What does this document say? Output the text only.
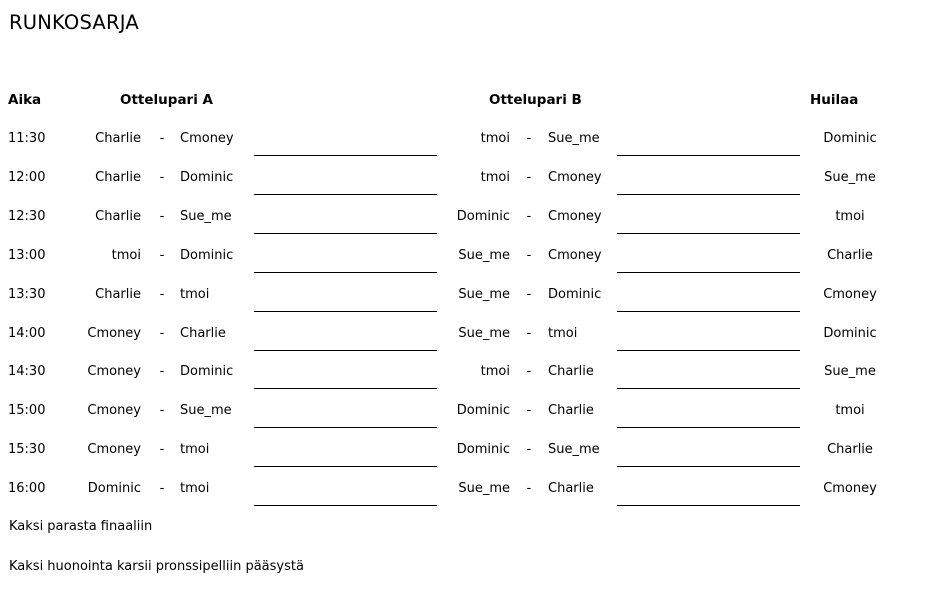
RUNKOSARJA
Aika	Ottelupari A	Ottelupari B	Huilaa
11:30	Charlie - Cmoney	tmoi - Sue_me	Dominic
12:00	Charlie - Dominic	tmoi - Cmoney	Sue_me
12:30	Charlie - Sue_me	Dominic - Cmoney	tmoi
13:00	tmoi - Dominic	Sue_me - Cmoney	Charlie
13:30	Charlie - tmoi	Sue_me - Dominic	Cmoney
14:00	Cmoney - Charlie	Sue_me - tmoi	Dominic
14:30	Cmoney - Dominic	tmoi - Charlie	Sue_me
15:00	Cmoney - Sue_me	Dominic - Charlie	tmoi
15:30	Cmoney - tmoi	Dominic - Sue_me	Charlie
16:00	Dominic - tmoi	Sue_me - Charlie	Cmoney
Kaksi parasta finaaliin
Kaksi huonointa karsii pronssipelliin pääsystä
